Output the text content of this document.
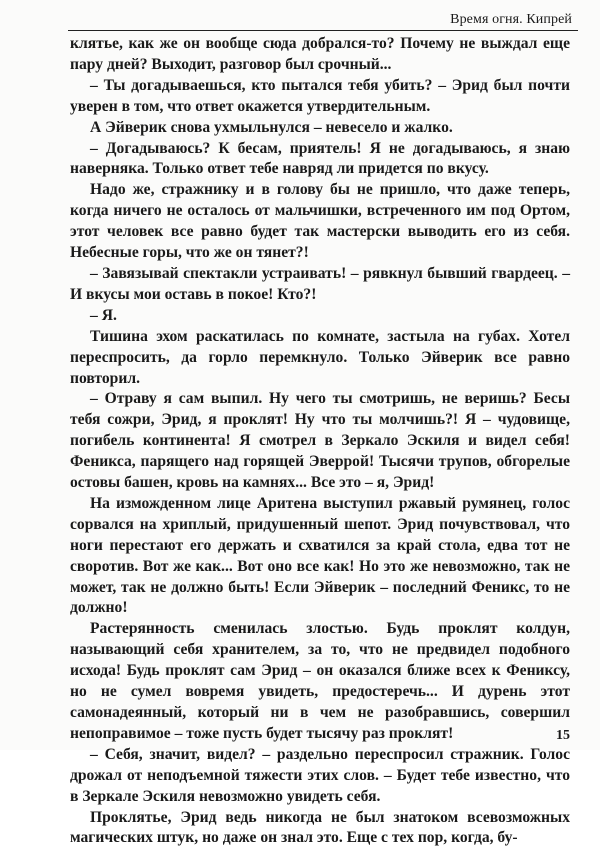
Время огня. Кипрей

клятье, как же он вообще сюда добрался-то? Почему не выждал еще пару дней? Выходит, разговор был срочный...

– Ты догадываешься, кто пытался тебя убить? – Эрид был почти уверен в том, что ответ окажется утвердительным.

А Эйверик снова ухмыльнулся – невесело и жалко.

– Догадываюсь? К бесам, приятель! Я не догадываюсь, я знаю наверняка. Только ответ тебе навряд ли придется по вкусу.

Надо же, стражнику и в голову бы не пришло, что даже теперь, когда ничего не осталось от мальчишки, встреченного им под Ортом, этот человек все равно будет так мастерски выводить его из себя. Небесные горы, что же он тянет?!

– Завязывай спектакли устраивать! – рявкнул бывший гвардеец. – И вкусы мои оставь в покое! Кто?!

– Я.

Тишина эхом раскатилась по комнате, застыла на губах. Хотел переспросить, да горло перемкнуло. Только Эйверик все равно повторил.

– Отраву я сам выпил. Ну чего ты смотришь, не веришь? Бесы тебя сожри, Эрид, я проклят! Ну что ты молчишь?! Я – чудовище, погибель континента! Я смотрел в Зеркало Эскиля и видел себя! Феникса, парящего над горящей Эверрой! Тысячи трупов, обгорелые остовы башен, кровь на камнях... Все это – я, Эрид!

На изможденном лице Аритена выступил ржавый румянец, голос сорвался на хриплый, придушенный шепот. Эрид почувствовал, что ноги перестают его держать и схватился за край стола, едва тот не своротив. Вот же как... Вот оно все как! Но это же невозможно, так не может, так не должно быть! Если Эйверик – последний Феникс, то не должно!

Растерянность сменилась злостью. Будь проклят колдун, называющий себя хранителем, за то, что не предвидел подобного исхода! Будь проклят сам Эрид – он оказался ближе всех к Фениксу, но не сумел вовремя увидеть, предостеречь... И дурень этот самонадеянный, который ни в чем не разобравшись, совершил непоправимое – тоже пусть будет тысячу раз проклят!

– Себя, значит, видел? – раздельно переспросил стражник. Голос дрожал от неподъемной тяжести этих слов. – Будет тебе известно, что в Зеркале Эскиля невозможно увидеть себя.

Проклятье, Эрид ведь никогда не был знатоком всевозможных магических штук, но даже он знал это. Еще с тех пор, когда, бу-

15
